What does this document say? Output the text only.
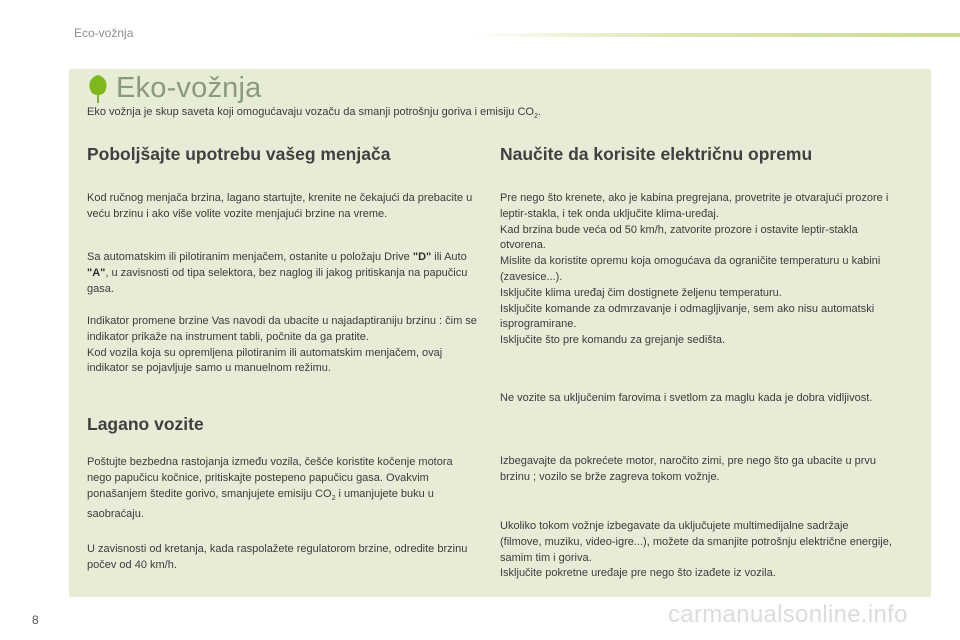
Eco-vožnja
Eko-vožnja
Eko vožnja je skup saveta koji omogućavaju vozaču da smanji potrošnju goriva i emisiju $CO_2$.
Poboljšajte upotrebu vašeg menjača

Kod ručnog menjača brzina, lagano startujte, krenite ne čekajući da prebacite u veću brzinu i ako više volite vozite menjajući brzine na vreme.

Sa automatskim ili pilotiranim menjačem, ostanite u položaju Drive "D" ili Auto "A", u zavisnosti od tipa selektora, bez naglog ili jakog pritiskanja na papučicu gasa.

Indikator promene brzine Vas navodi da ubacite u najadaptiraniju brzinu : čim se indikator prikaže na instrument tabli, počnite da ga pratite.
Kod vozila koja su opremljena pilotiranim ili automatskim menjačem, ovaj indikator se pojavljuje samo u manuelnom režimu.

Lagano vozite

Poštujte bezbedna rastojanja između vozila, češće koristite kočenje motora nego papučicu kočnice, pritiskajte postepeno papučicu gasa. Ovakvim ponašanjem štedite gorivo, smanjujete emisiju $CO_2$ i umanjujete buku u saobraćaju.

U zavisnosti od kretanja, kada raspolažete regulatorom brzine, odredite brzinu počev od 40 km/h.

Naučite da korisite električnu opremu

Pre nego što krenete, ako je kabina pregrejana, provetrite je otvarajući prozore i leptir-stakla, i tek onda uključite klima-uređaj.
Kad brzina bude veća od 50 km/h, zatvorite prozore i ostavite leptir-stakla otvorena.
Mislite da koristite opremu koja omogućava da ograničite temperaturu u kabini (zavesice...).
Isključite klima uređaj čim dostignete željenu temperaturu.
Isključite komande za odmrzavanje i odmagljivanje, sem ako nisu automatski isprogramirane.
Isključite što pre komandu za grejanje sedišta.

Ne vozite sa uključenim farovima i svetlom za maglu kada je dobra vidljivost.

Izbegavajte da pokrećete motor, naročito zimi, pre nego što ga ubacite u prvu brzinu ; vozilo se brže zagreva tokom vožnje.

Ukoliko tokom vožnje izbegavate da uključujete multimedijalne sadržaje (filmove, muziku, video-igre...), možete da smanjite potrošnju električne energije, samim tim i goriva.
Isključite pokretne uređaje pre nego što izađete iz vozila.

8	carmanualsonline.info
